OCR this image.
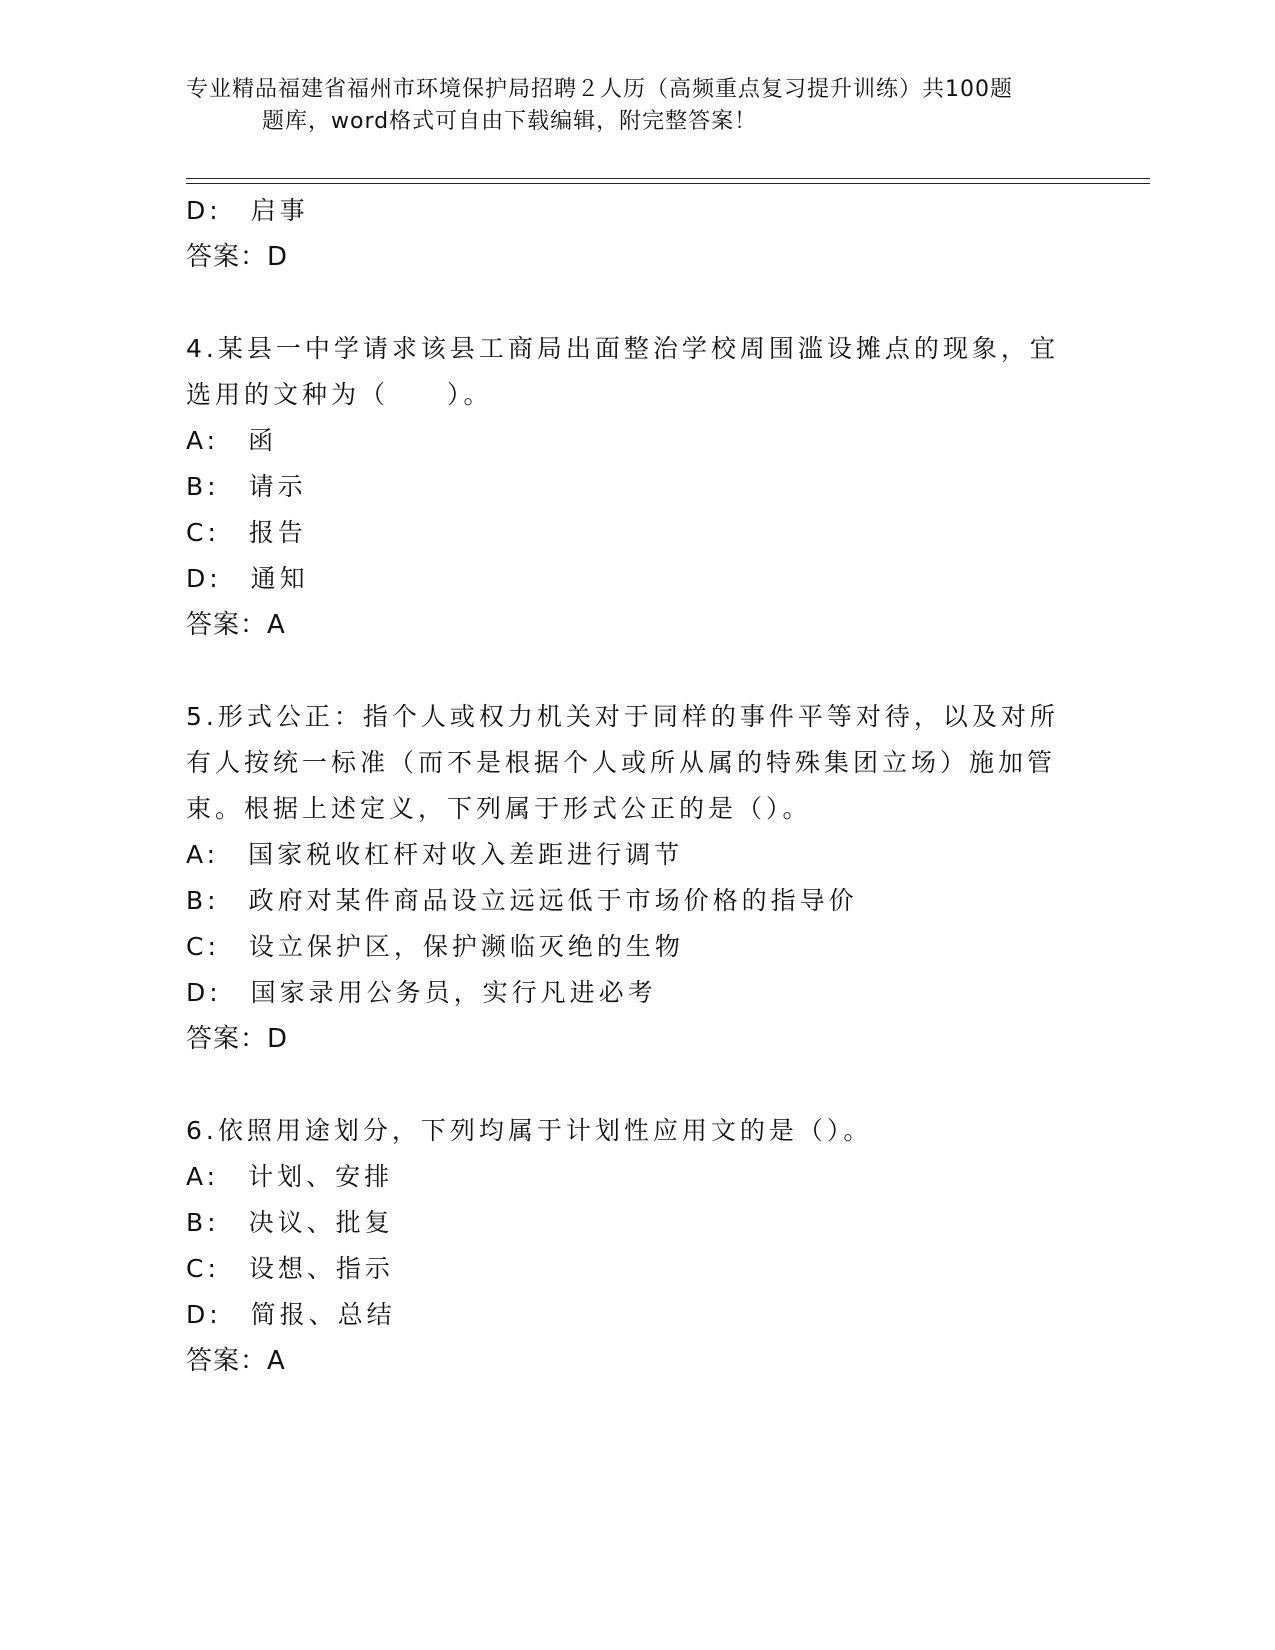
专业精品福建省福州市环境保护局招聘２人历（高频重点复习提升训练）共100题
题库，word格式可自由下载编辑，附完整答案！
D:　启事
答案：D
4.某县一中学请求该县工商局出面整治学校周围滥设摊点的现象，宜
选用的文种为（　　）。
A:　函
B:　请示
C:　报告
D:　通知
答案：A
5.形式公正：指个人或权力机关对于同样的事件平等对待，以及对所
有人按统一标准（而不是根据个人或所从属的特殊集团立场）施加管
束。根据上述定义，下列属于形式公正的是（）。
A:　国家税收杠杆对收入差距进行调节
B:　政府对某件商品设立远远低于市场价格的指导价
C:　设立保护区，保护濒临灭绝的生物
D:　国家录用公务员，实行凡进必考
答案：D
6.依照用途划分，下列均属于计划性应用文的是（）。
A:　计划、安排
B:　决议、批复
C:　设想、指示
D:　简报、总结
答案：A
